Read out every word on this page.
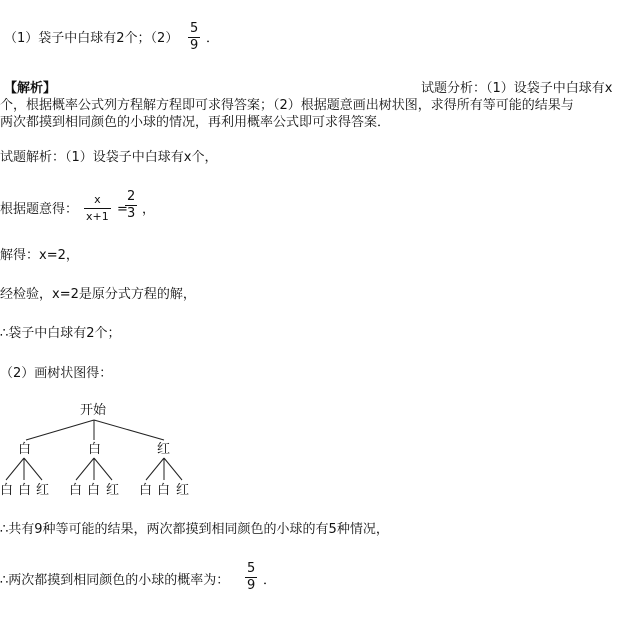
（1）袋子中白球有2个；（2）
5
9 ．
【解析】	试题分析：（1）设袋子中白球有x
个，根据概率公式列方程解方程即可求得答案；（2）根据题意画出树状图，求得所有等可能的结果与
两次都摸到相同颜色的小球的情况，再利用概率公式即可求得答案．
试题解析：（1）设袋子中白球有x个，
根据题意得：
x
x+1 =
2
3 ，
解得：x=2，
经检验，x=2是原分式方程的解，
∴袋子中白球有2个；
（2）画树状图得：
开始
白	白	红
白 白 红 白 白 红 白 白 红
∴共有9种等可能的结果，两次都摸到相同颜色的小球的有5种情况，
∴两次都摸到相同颜色的小球的概率为：
5
9 ．
